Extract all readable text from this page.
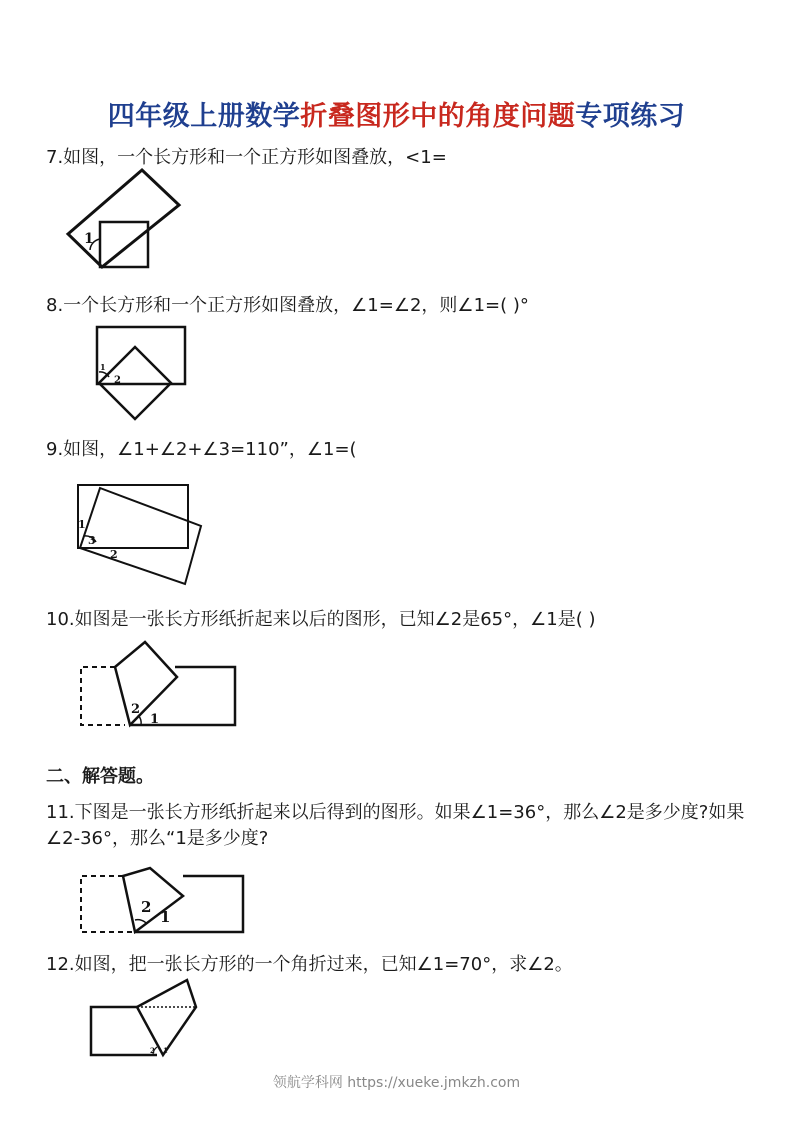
四年级上册数学折叠图形中的角度问题专项练习
7.如图，一个长方形和一个正方形如图叠放，<1=
1
8.一个长方形和一个正方形如图叠放，∠1=∠2，则∠1=( )°
1
2
9.如图，∠1+∠2+∠3=110”，∠1=(
1
3
2
10.如图是一张长方形纸折起来以后的图形，已知∠2是65°，∠1是( )
2
1
二、解答题。
11.下图是一张长方形纸折起来以后得到的图形。如果∠1=36°，那么∠2是多少度?如果∠2-36°，那么“1是多少度?
2
1
12.如图，把一张长方形的一个角折过来，已知∠1=70°，求∠2。
2 1
领航学科网 https://xueke.jmkzh.com
